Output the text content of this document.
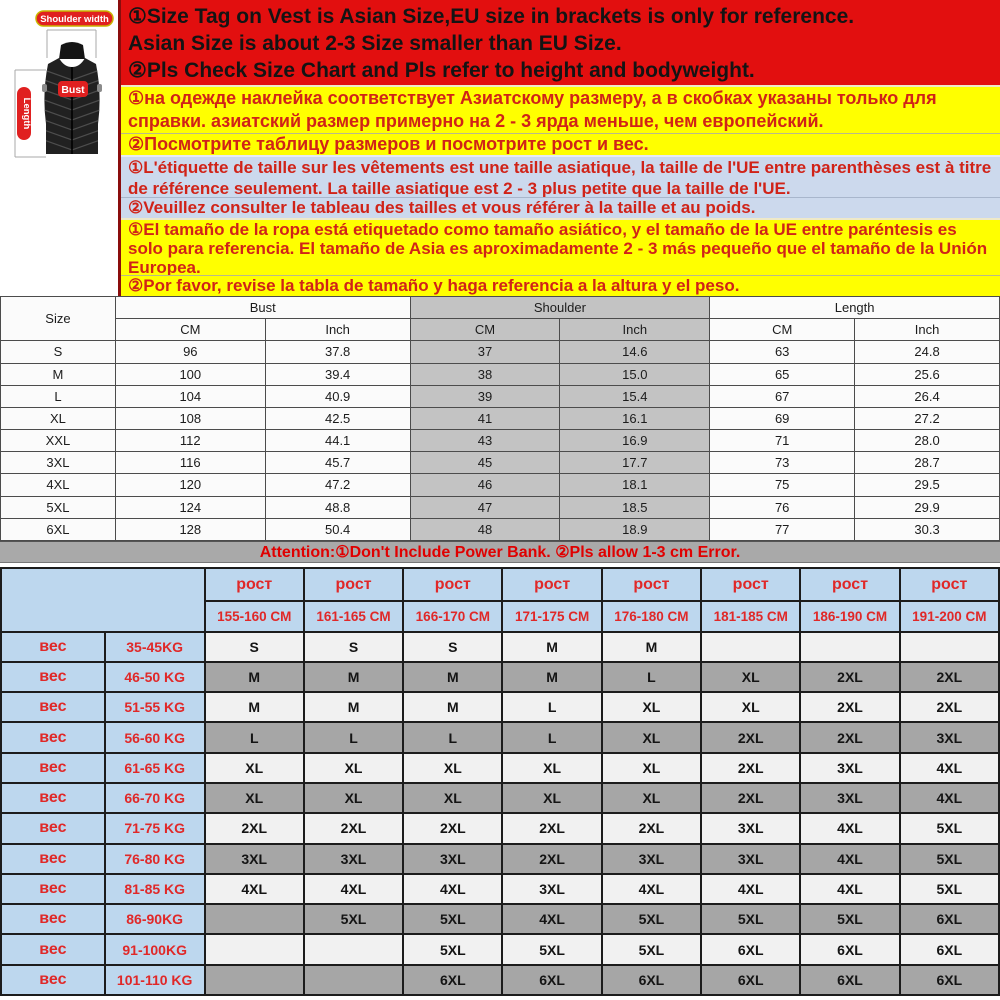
Shoulder width
Bust
Length
①Size Tag on Vest is Asian Size,EU size in brackets is only for reference.
Asian Size is about 2-3 Size smaller than EU Size.
②Pls Check Size Chart and Pls refer to height and bodyweight.
①на одежде наклейка соответствует Азиатскому размеру, а в скобках указаны только для справки. азиатский размер примерно на 2 - 3 ярда меньше, чем европейский.
②Посмотрите таблицу размеров и посмотрите рост и вес.
①L'étiquette de taille sur les vêtements est une taille asiatique, la taille de l'UE entre parenthèses est à titre de référence seulement. La taille asiatique est 2 - 3 plus petite que la taille de l'UE.
②Veuillez consulter le tableau des tailles et vous référer à la taille et au poids.
①El tamaño de la ropa está etiquetado como tamaño asiático, y el tamaño de la UE entre paréntesis es solo para referencia. El tamaño de Asia es aproximadamente 2 - 3 más pequeño que el tamaño de la Unión Europea.
②Por favor, revise la tabla de tamaño y haga referencia a la altura y el peso.
Size	Bust		Shoulder		Length	
	CM	Inch	CM	Inch	CM	Inch
S	96	37.8	37	14.6	63	24.8
M	100	39.4	38	15.0	65	25.6
L	104	40.9	39	15.4	67	26.4
XL	108	42.5	41	16.1	69	27.2
XXL	112	44.1	43	16.9	71	28.0
3XL	116	45.7	45	17.7	73	28.7
4XL	120	47.2	46	18.1	75	29.5
5XL	124	48.8	47	18.5	76	29.9
6XL	128	50.4	48	18.9	77	30.3
Attention:①Don't Include Power Bank. ②Pls allow 1-3 cm Error.
		рост	рост	рост	рост	рост	рост	рост	рост
		155-160 CM	161-165 CM	166-170 CM	171-175 CM	176-180 CM	181-185 CM	186-190 CM	191-200 CM
вес	35-45KG	S	S	S	M	M			
вес	46-50 KG	M	M	M	M	L	XL	2XL	2XL
вес	51-55 KG	M	M	M	L	XL	XL	2XL	2XL
вес	56-60 KG	L	L	L	L	XL	2XL	2XL	3XL
вес	61-65 KG	XL	XL	XL	XL	XL	2XL	3XL	4XL
вес	66-70 KG	XL	XL	XL	XL	XL	2XL	3XL	4XL
вес	71-75 KG	2XL	2XL	2XL	2XL	2XL	3XL	4XL	5XL
вес	76-80 KG	3XL	3XL	3XL	2XL	3XL	3XL	4XL	5XL
вес	81-85 KG	4XL	4XL	4XL	3XL	4XL	4XL	4XL	5XL
вес	86-90KG		5XL	5XL	4XL	5XL	5XL	5XL	6XL
вес	91-100KG			5XL	5XL	5XL	6XL	6XL	6XL
вес	101-110 KG			6XL	6XL	6XL	6XL	6XL	6XL
